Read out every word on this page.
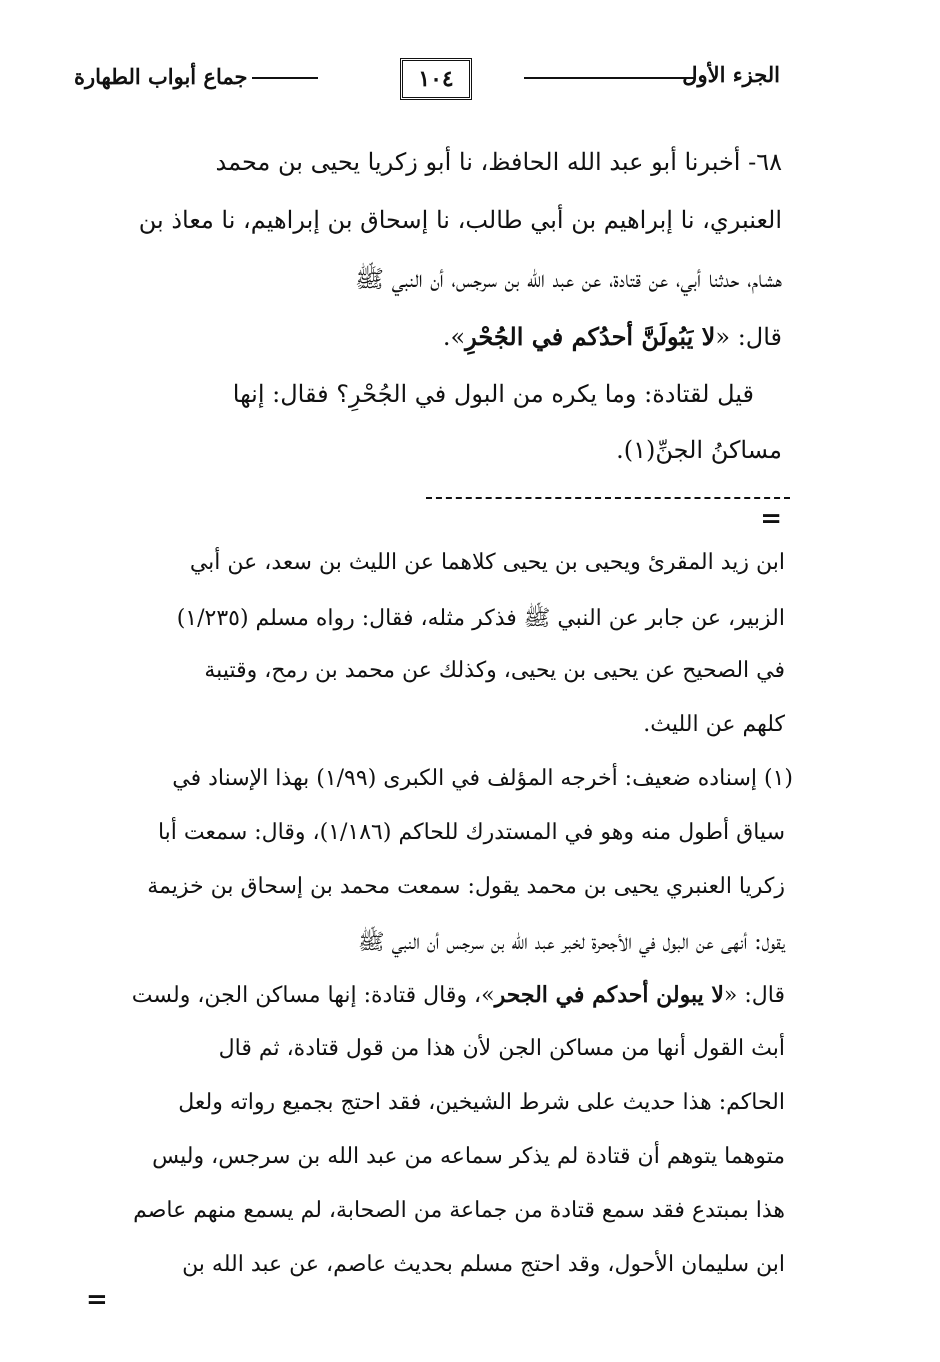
الجزء الأول
١٠٤
جماع أبواب الطهارة
٦٨- أخبرنا أبو عبد الله الحافظ، نا أبو زكريا يحيى بن محمد
العنبري، نا إبراهيم بن أبي طالب، نا إسحاق بن إبراهيم، نا معاذ بن
هشام، حدثنا أبي، عن قتادة، عن عبد الله بن سرجس، أن النبي ﷺ
قال: «لا يَبُولَنَّ أحدُكم في الجُحْرِ».
قيل لقتادة: وما يكره من البول في الجُحْرِ؟ فقال: إنها
مساكنُ الجنِّ(١).
=
ابن زيد المقرئ ويحيى بن يحيى كلاهما عن الليث بن سعد، عن أبي
الزبير، عن جابر عن النبي ﷺ فذكر مثله، فقال: رواه مسلم (١/٢٣٥)
في الصحيح عن يحيى بن يحيى، وكذلك عن محمد بن رمح، وقتيبة
كلهم عن الليث.
(١) إسناده ضعيف: أخرجه المؤلف في الكبرى (١/٩٩) بهذا الإسناد في
سياق أطول منه وهو في المستدرك للحاكم (١/١٨٦)، وقال: سمعت أبا
زكريا العنبري يحيى بن محمد يقول: سمعت محمد بن إسحاق بن خزيمة
يقول: أنهى عن البول في الأجحرة لخبر عبد الله بن سرجس أن النبي ﷺ
قال: «لا يبولن أحدكم في الجحر»، وقال قتادة: إنها مساكن الجن، ولست
أبث القول أنها من مساكن الجن لأن هذا من قول قتادة، ثم قال
الحاكم: هذا حديث على شرط الشيخين، فقد احتج بجميع رواته ولعل
متوهما يتوهم أن قتادة لم يذكر سماعه من عبد الله بن سرجس، وليس
هذا بمبتدع فقد سمع قتادة من جماعة من الصحابة، لم يسمع منهم عاصم
ابن سليمان الأحول، وقد احتج مسلم بحديث عاصم، عن عبد الله بن
=
